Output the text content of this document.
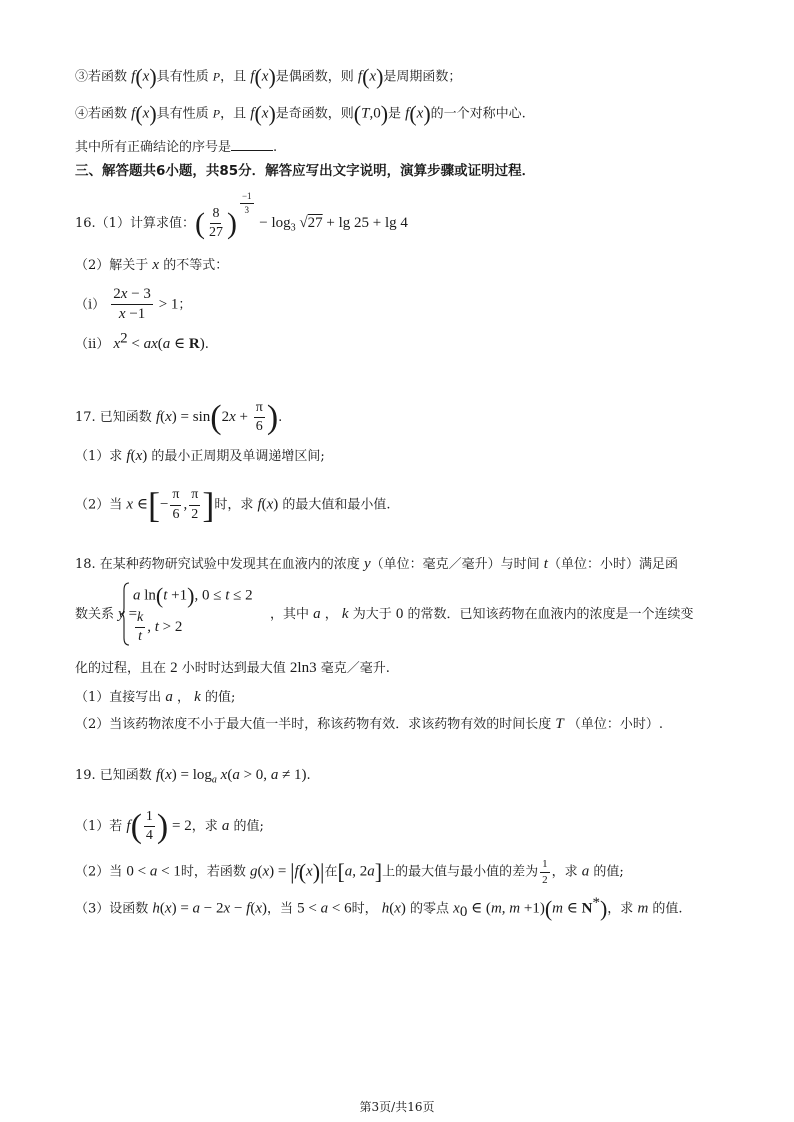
③若函数 f(x)具有性质 P，且 f(x)是偶函数，则 f(x)是周期函数；
④若函数 f(x)具有性质 P，且 f(x)是奇函数，则(T,0)是 f(x)的一个对称中心.
其中所有正确结论的序号是	.
三、解答题共6小题，共85分．解答应写出文字说明，演算步骤或证明过程．
16.（1）计算求值：( $\frac{8}{27}$ )
$^{\frac{-1}{3}}$
− $\log_3 √27 + \lg 25 + \lg 4$
（2）解关于 x 的不等式：
$(i) \frac{2x - 3}{x -1} > 1$；
（ii） $x^2 < ax(a$ ∈ R).
17. 已知函数 $f(x) = \sin(2x + \frac{\pi}{6}$ ).
（1）求 f(x) 的最小正周期及单调递增区间;
（2）当 x ∈[− $\frac{\pi}{6}$ , $\frac{\pi}{2}$ ]时，求 f(x) 的最大值和最小值.
18. 在某种药物研究试验中发现其在血液内的浓度 y（单位：毫克／毫升）与时间 t（单位：小时）满足函
a ln(t +1), 0 ≤ t ≤ 2
$\frac{k}{t}$ , t > 2
数关系 y =	，其中 a ， k 为大于 0 的常数．已知该药物在血液内的浓度是一个连续变
化的过程，且在 2 小时时达到最大值 2ln3 毫克／毫升.
（1）直接写出 a ， k 的值;
（2）当该药物浓度不小于最大值一半时，称该药物有效．求该药物有效的时间长度 T （单位：小时）.
19. 已知函数 $f(x) = \log_a x(a > 0$, a ≠ 1).
（1）若 $f( \frac{1}{4}$ ) = 2，求 a 的值;
（2）当 0 < a < 1时，若函数 g(x) = |f(x)|在[a, 2a]上的最大值与最小值的差为 $\frac{1}{2}$ ，求 a 的值;
（3）设函数 h(x) = a − 2x − f(x)，当 5 < a < 6时， h(x) 的零点 $x_0$ ∈ (m, m +1)(m ∈ N*)，求 m 的值.
第3页/共16页
